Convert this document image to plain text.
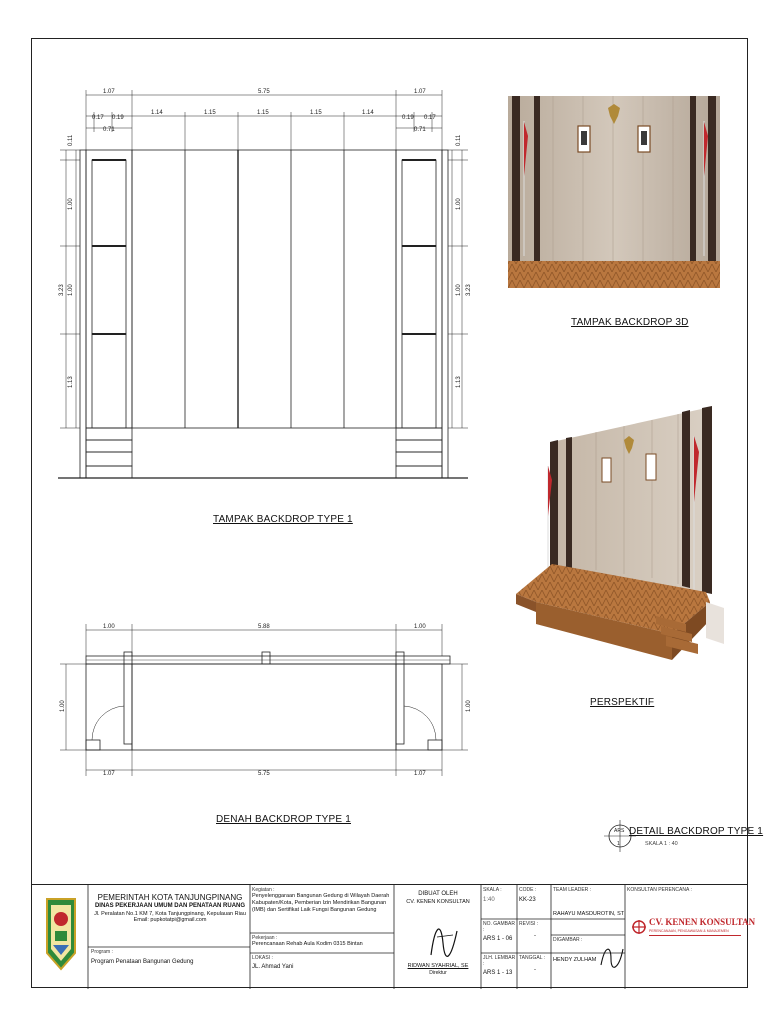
1.07	5.75	1.07
1.14	1.15	1.15	1.15	1.14
0.17 0.19
0.71
0.19 0.17
0.71
0.11
1.00
1.00
1.13
3.23
0.11
1.00
1.00
1.13
3.23
TAMPAK BACKDROP TYPE 1
1.00	5.88	1.00
1.07	5.75	1.07
1.00	1.00
DENAH BACKDROP TYPE 1
TAMPAK BACKDROP 3D
PERSPEKTIF
ARS
1
DETAIL BACKDROP TYPE 1
SKALA 1 : 40
PEMERINTAH KOTA TANJUNGPINANG
DINAS PEKERJAAN UMUM DAN PENATAAN RUANG
Jl. Peralatan No.1 KM 7, Kota Tanjungpinang, Kepulauan Riau
Email: pupkotatpi@gmail.com
Program :
Program Penataan Bangunan Gedung
Kegiatan :
Penyelenggaraan Bangunan Gedung di Wilayah Daerah Kabupaten/Kota, Pemberian Izin Mendirikan Bangunan (IMB) dan Sertifikat Laik Fungsi Bangunan Gedung
Pekerjaan :
Perencanaan Rehab Aula Kodim 0315 Bintan
LOKASI :
JL. Ahmad Yani
DIBUAT OLEH
CV. KENEN KONSULTAN
RIDWAN SYAHRIAL, SE
Direktur
SKALA :
1:40
CODE :
KK-23
NO. GAMBAR :
ARS 1 - 06
REVISI :
-
JLH. LEMBAR :
ARS 1 - 13
TANGGAL :
-
TEAM LEADER :
RAHAYU MASDUROTIN, ST
DIGAMBAR :
HENDY ZULHAM
KONSULTAN PERENCANA :
CV. KENEN KONSULTAN
PERENCANAAN, PENGAWASAN & MANAJEMEN
